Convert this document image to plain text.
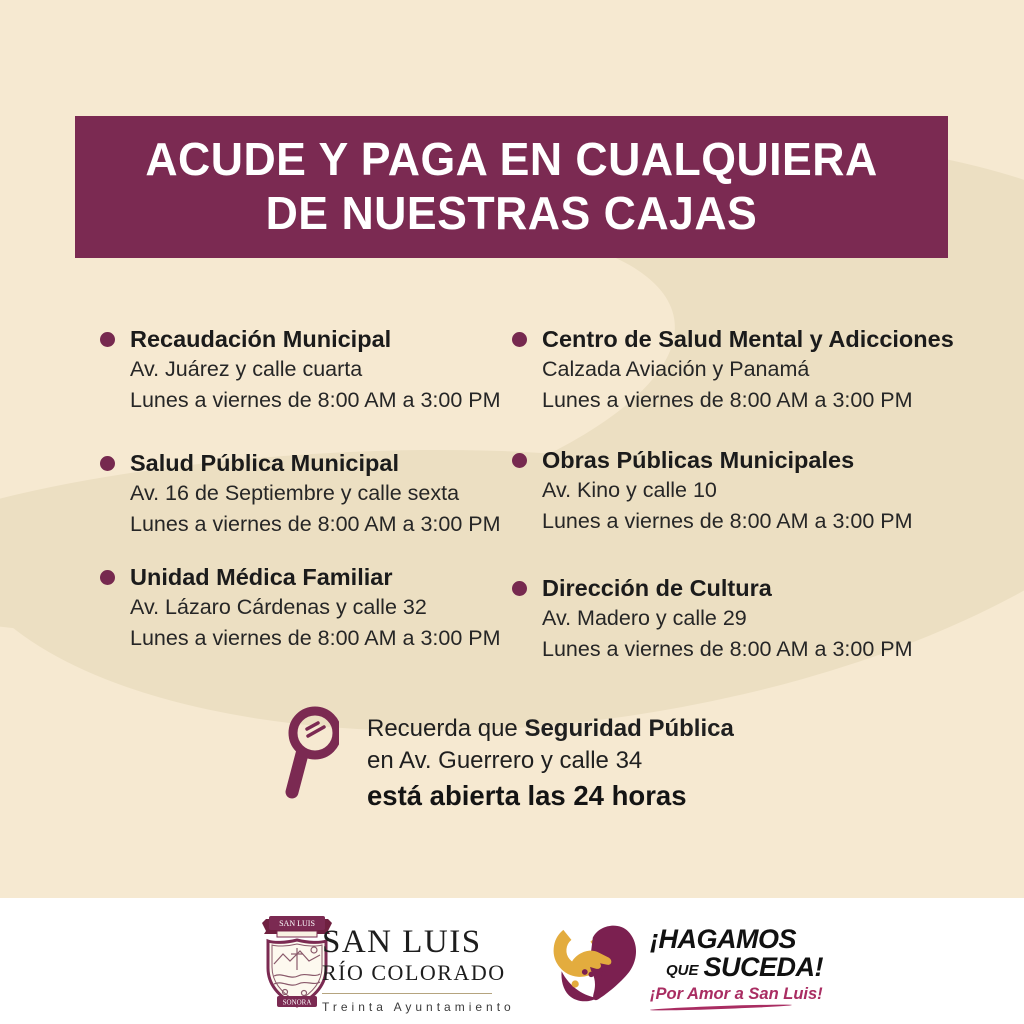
ACUDE Y PAGA EN CUALQUIERA
DE NUESTRAS CAJAS
Recaudación Municipal
Av. Juárez y calle cuarta
Lunes a viernes de 8:00 AM a 3:00 PM
Salud Pública Municipal
Av. 16 de Septiembre y calle sexta
Lunes a viernes de 8:00 AM a 3:00 PM
Unidad Médica Familiar
Av. Lázaro Cárdenas y calle 32
Lunes a viernes de 8:00 AM a 3:00 PM
Centro de Salud Mental y Adicciones
Calzada Aviación y Panamá
Lunes a viernes de 8:00 AM a 3:00 PM
Obras Públicas Municipales
Av. Kino y calle 10
Lunes a viernes de 8:00 AM a 3:00 PM
Dirección de Cultura
Av. Madero y calle 29
Lunes a viernes de 8:00 AM a 3:00 PM
Recuerda que Seguridad Pública
en Av. Guerrero y calle 34
está abierta las 24 horas
SAN LUIS
SONORA
SAN LUIS
RÍO COLORADO
Treinta Ayuntamiento
¡HAGAMOS
QUE SUCEDA!
¡Por Amor a San Luis!
